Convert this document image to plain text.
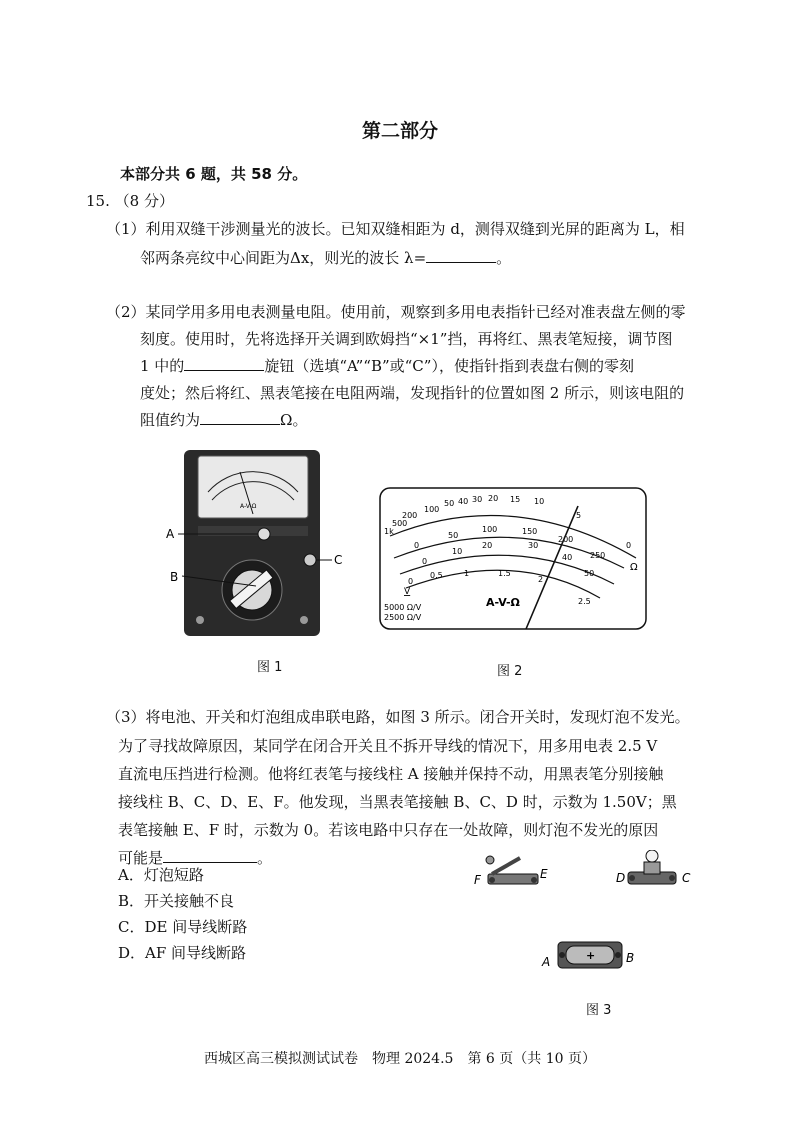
第二部分
本部分共 6 题，共 58 分。
15. （8 分）
（1）利用双缝干涉测量光的波长。已知双缝相距为 d，测得双缝到光屏的距离为 L，相
邻两条亮纹中心间距为Δx，则光的波长 λ=	。
（2）某同学用多用电表测量电阻。使用前，观察到多用电表指针已经对准表盘左侧的零
刻度。使用时，先将选择开关调到欧姆挡“×1”挡，再将红、黑表笔短接，调节图
1 中的	旋钮（选填“A”“B”或“C”），使指针指到表盘右侧的零刻
度处；然后将红、黑表笔接在电阻两端，发现指针的位置如图 2 所示，则该电阻的
阻值约为	Ω。
A-V-Ω
A
B
C
图 1
1k
500
200
100
50 40 30 20 15 10
5
0
Ω
0
50
100	150
200
250
0
10
20	30
40
50
0
0.5	1	1.5
2
2.5
V
A-V-Ω
5000 Ω/V
2500 Ω/V
图 2
（3）将电池、开关和灯泡组成串联电路，如图 3 所示。闭合开关时，发现灯泡不发光。
为了寻找故障原因，某同学在闭合开关且不拆开导线的情况下，用多用电表 2.5 V
直流电压挡进行检测。他将红表笔与接线柱 A 接触并保持不动，用黑表笔分别接触
接线柱 B、C、D、E、F。他发现，当黑表笔接触 B、C、D 时，示数为 1.50V；黑
表笔接触 E、F 时，示数为 0。若该电路中只存在一处故障，则灯泡不发光的原因
可能是	。
A．灯泡短路
B．开关接触不良
C．DE 间导线断路
D．AF 间导线断路
F	E	D	C
+
A	B
图 3
西城区高三模拟测试试卷　物理 2024.5　第 6 页（共 10 页）
